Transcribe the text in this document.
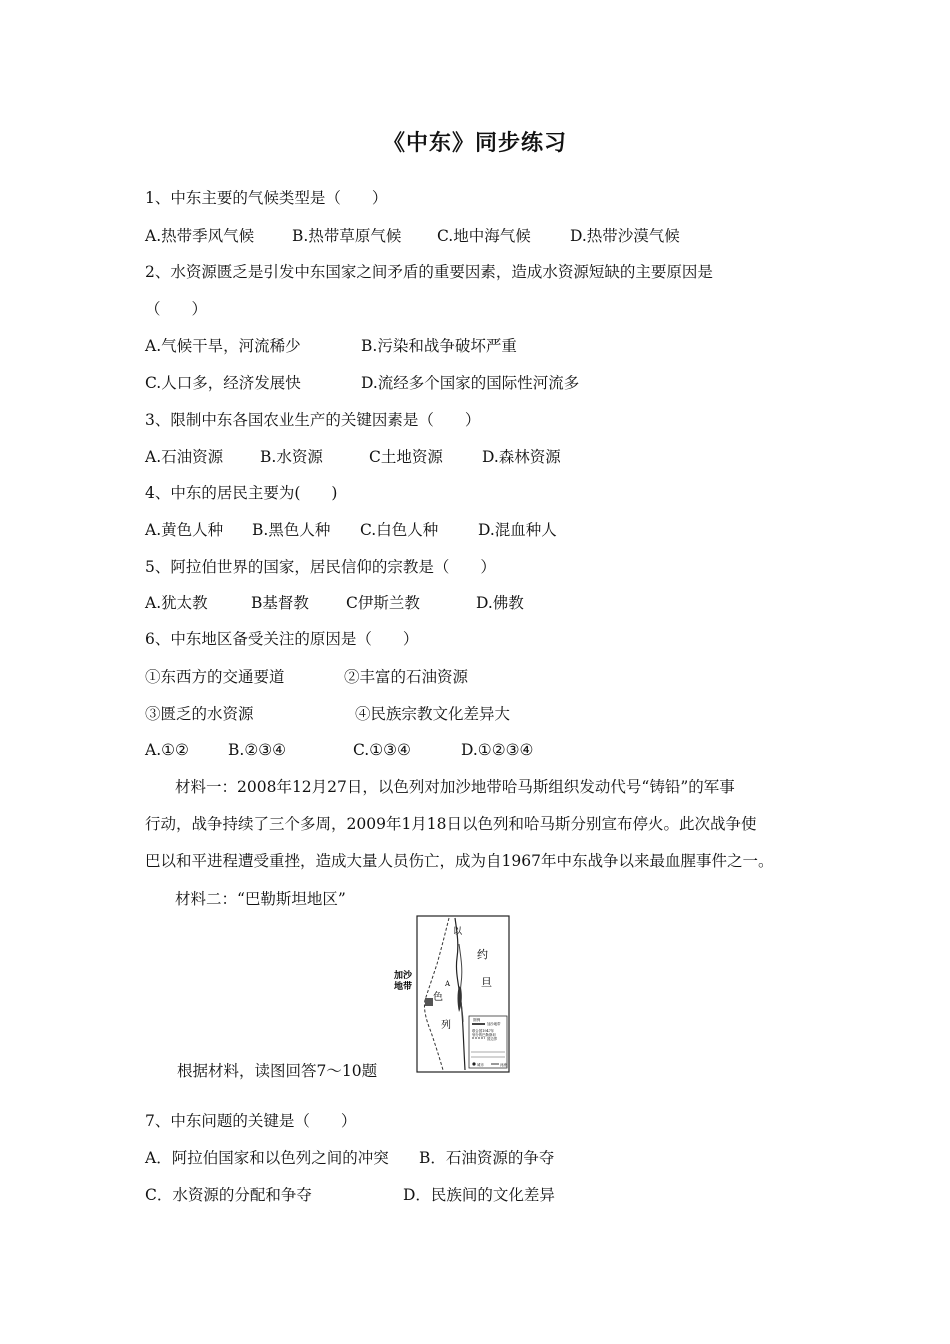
《中东》同步练习
1、中东主要的气候类型是（　　）
A.热带季风气候 B.热带草原气候 C.地中海气候	D.热带沙漠气候
2、水资源匮乏是引发中东国家之间矛盾的重要因素，造成水资源短缺的主要原因是
（　　）
A.气候干旱，河流稀少	B.污染和战争破坏严重
C.人口多，经济发展快	D.流经多个国家的国际性河流多
3、限制中东各国农业生产的关键因素是（　　）
A.石油资源 B.水资源	C土地资源	D.森林资源
4、中东的居民主要为(　　)
A.黄色人种 B.黑色人种 C.白色人种	D.混血种人
5、阿拉伯世界的国家，居民信仰的宗教是（　　）
A.犹太教	B基督教 C伊斯兰教	D.佛教
6、中东地区备受关注的原因是（　　）
①东西方的交通要道	②丰富的石油资源
③匮乏的水资源	④民族宗教文化差异大
A.①②	B.②③④	C.①③④	D.①②③④
材料一：2008年12月27日，以色列对加沙地带哈马斯组织发动代号“铸铅”的军事
行动，战争持续了三个多周，2009年1月18日以色列和哈马斯分别宣布停火。此次战争使
巴以和平进程遭受重挫，造成大量人员伤亡，成为自1967年中东战争以来最血腥事件之一。
材料二：“巴勒斯坦地区”
加沙
地带
约
旦
以
色
列
A
图例
加沙地带
联合国1947年
划分的巴勒斯坦
国边界
城市	河流
根据材料，读图回答7～10题
7、中东问题的关键是（　　）
A．阿拉伯国家和以色列之间的冲突 B．石油资源的争夺
C．水资源的分配和争夺	D．民族间的文化差异
